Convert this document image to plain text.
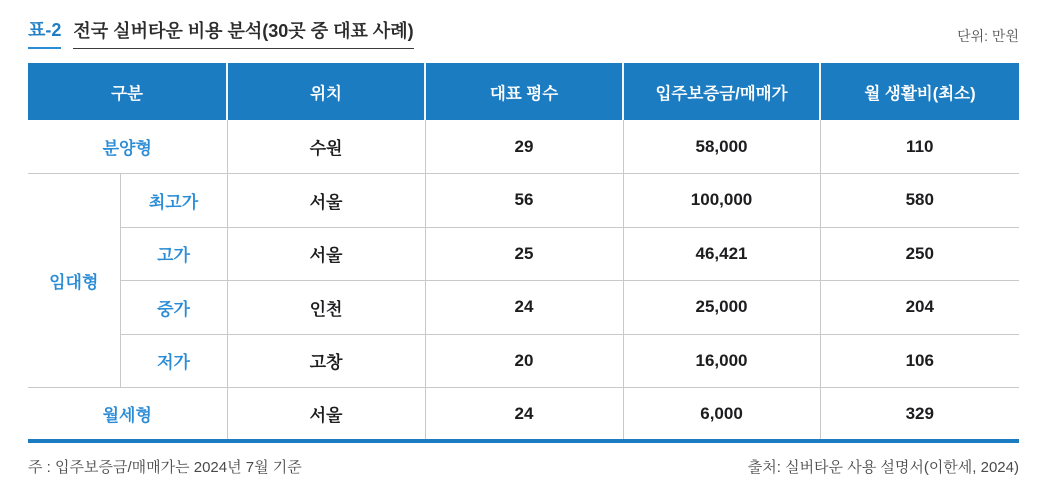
표-2 전국 실버타운 비용 분석(30곳 중 대표 사례)	단위: 만원
구분		위치	대표 평수	입주보증금/매매가	월 생활비(최소)
분양형		수원	29	58,000	110
임대형	최고가	서울	56	100,000	580
	고가	서울	25	46,421	250
	중가	인천	24	25,000	204
	저가	고창	20	16,000	106
월세형		서울	24	6,000	329
주 : 입주보증금/매매가는 2024년 7월 기준	출처: 실버타운 사용 설명서(이한세, 2024)
